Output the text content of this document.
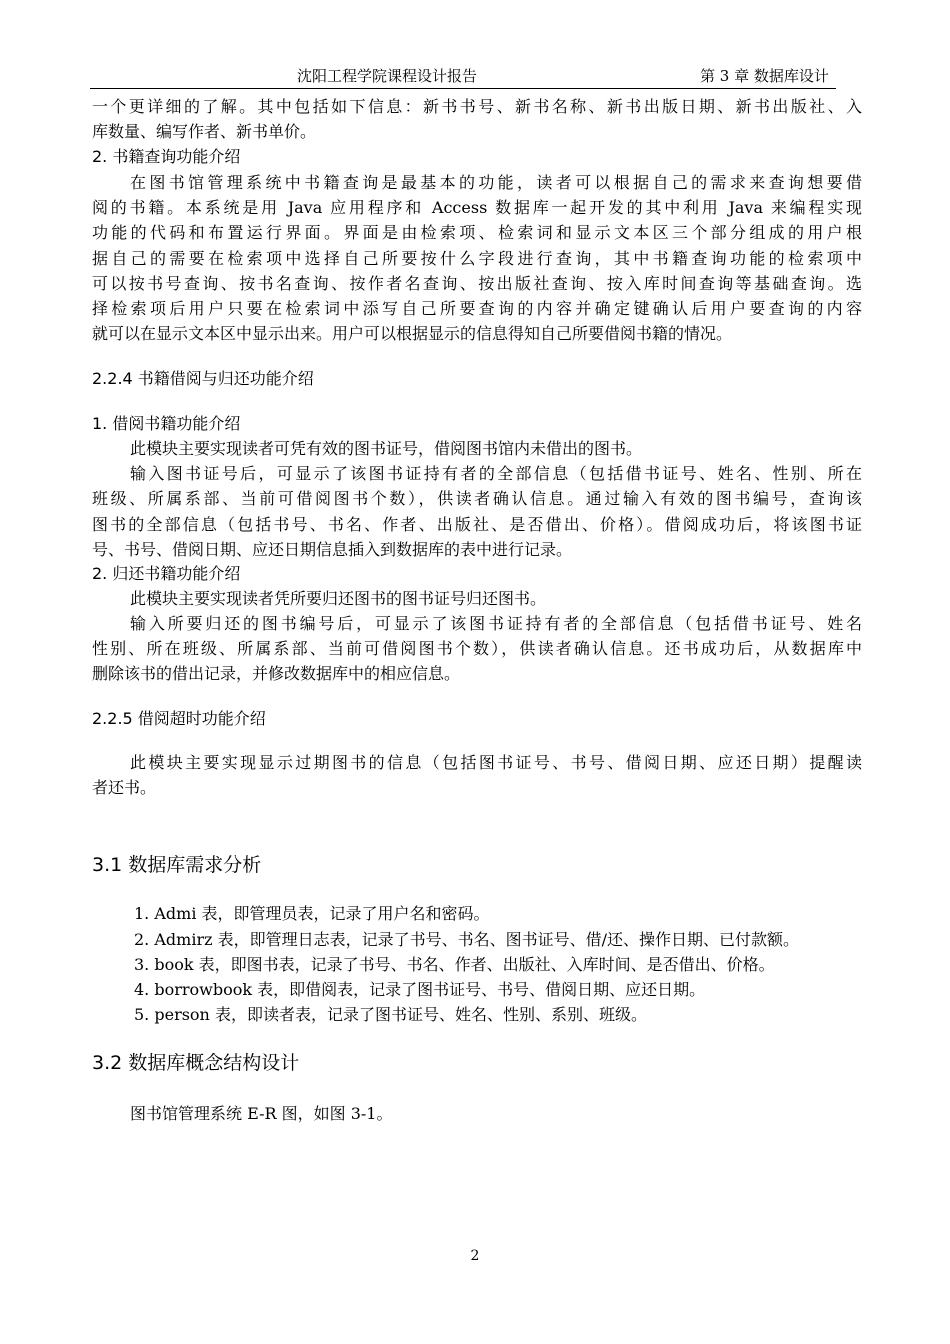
沈阳工程学院课程设计报告	第 3 章 数据库设计
一个更详细的了解。其中包括如下信息：新书书号、新书名称、新书出版日期、新书出版社、入
库数量、编写作者、新书单价。
2. 书籍查询功能介绍
在图书馆管理系统中书籍查询是最基本的功能，读者可以根据自己的需求来查询想要借
阅的书籍。本系统是用 Java 应用程序和 Access 数据库一起开发的其中利用 Java 来编程实现
功能的代码和布置运行界面。界面是由检索项、检索词和显示文本区三个部分组成的用户根
据自己的需要在检索项中选择自己所要按什么字段进行查询，其中书籍查询功能的检索项中
可以按书号查询、按书名查询、按作者名查询、按出版社查询、按入库时间查询等基础查询。选
择检索项后用户只要在检索词中添写自己所要查询的内容并确定键确认后用户要查询的内容
就可以在显示文本区中显示出来。用户可以根据显示的信息得知自己所要借阅书籍的情况。
2.2.4 书籍借阅与归还功能介绍
1. 借阅书籍功能介绍
此模块主要实现读者可凭有效的图书证号，借阅图书馆内未借出的图书。
输入图书证号后，可显示了该图书证持有者的全部信息（包括借书证号、姓名、性别、所在
班级、所属系部、当前可借阅图书个数），供读者确认信息。通过输入有效的图书编号，查询该
图书的全部信息（包括书号、书名、作者、出版社、是否借出、价格）。借阅成功后，将该图书证
号、书号、借阅日期、应还日期信息插入到数据库的表中进行记录。
2. 归还书籍功能介绍
此模块主要实现读者凭所要归还图书的图书证号归还图书。
输入所要归还的图书编号后，可显示了该图书证持有者的全部信息（包括借书证号、姓名
性别、所在班级、所属系部、当前可借阅图书个数），供读者确认信息。还书成功后，从数据库中
删除该书的借出记录，并修改数据库中的相应信息。
2.2.5 借阅超时功能介绍
此模块主要实现显示过期图书的信息（包括图书证号、书号、借阅日期、应还日期）提醒读
者还书。
3.1 数据库需求分析
1. Admi 表，即管理员表，记录了用户名和密码。
2. Admirz 表，即管理日志表，记录了书号、书名、图书证号、借/还、操作日期、已付款额。
3. book 表，即图书表，记录了书号、书名、作者、出版社、入库时间、是否借出、价格。
4. borrowbook 表，即借阅表，记录了图书证号、书号、借阅日期、应还日期。
5. person 表，即读者表，记录了图书证号、姓名、性别、系别、班级。
3.2 数据库概念结构设计
图书馆管理系统 E-R 图，如图 3-1。
2
